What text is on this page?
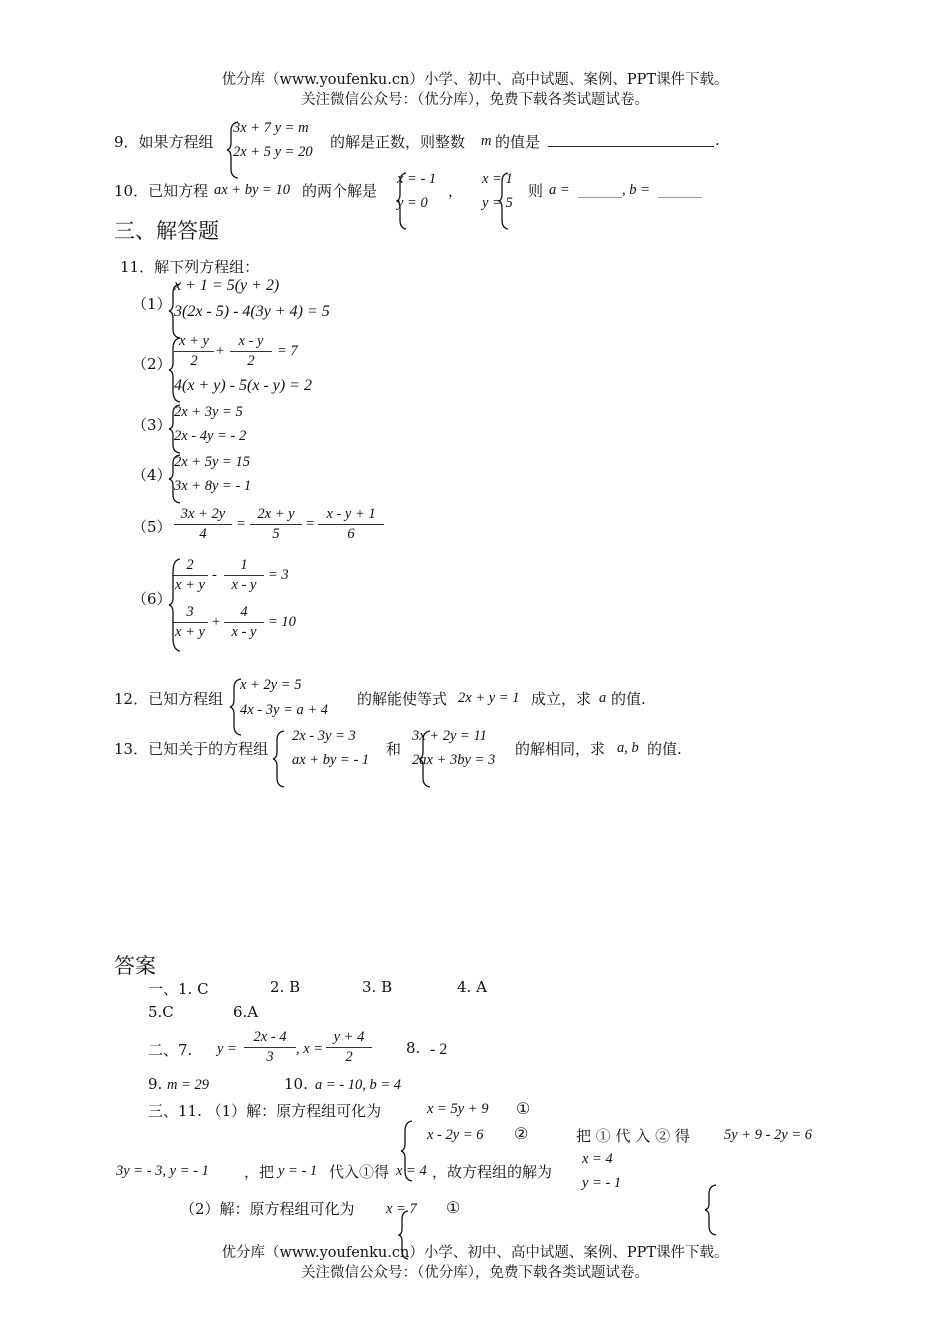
优分库（www.youfenku.cn）小学、初中、高中试题、案例、PPT课件下载。
关注微信公众号：（优分库），免费下载各类试题试卷。
9．如果方程组
3x + 7 y = m
2x + 5 y = 20
的解是正数，则整数 m 的值是	.
10．已知方程 ax + by = 10 的两个解是
x = - 1
y = 0
，
x = 1
y = 5
则 a =	, b =
三、解答题
11．解下列方程组：
（1）
x + 1 = 5(y + 2)
3(2x - 5) - 4(3y + 4) = 5
$(2) \frac{x + y}{2} + \frac{x - y}{2} = 7$
4(x + y) - 5(x - y) = 2
（3）
2x + 3y = 5
2x - 4y = - 2
（4）
2x + 5y = 15
3x + 8y = - 1
$(5) \frac{3x + 2y}{4} = \frac{2x + y}{5} = \frac{x - y + 1}{6}$
（6）
$\frac{2}{x + y} - \frac{1}{x - y} = 3$
$\frac{3}{x + y} + \frac{4}{x - y} = 10$
12．已知方程组
x + 2y = 5
4x - 3y = a + 4
的解能使等式 2x + y = 1 成立，求 a 的值.
13．已知关于的方程组
2x - 3y = 3
ax + by = - 1
和
3x + 2y = 11
2ax + 3by = 3
的解相同，求 a, b 的值.
答案
一、1. C	2. B	3. B	4. A
5.C	6.A
二、7. $y = \frac{2x - 4}{3}$ , $x = \frac{y + 4}{2} 8$. - 2
9. m = 29	10. a = - 10, b = 4
三、11. （1）解：原方程组可化为	x = 5y + 9 ①
x - 2y = 6 ②	把 ① 代 入 ② 得 5y + 9 - 2y = 6
3y = - 3, y = - 1 ，把 y = - 1 代入①得 x = 4 ，故方程组的解为
x = 4
y = - 1
（2）解：原方程组可化为 x = 7 ①
优分库（www.youfenku.cn）小学、初中、高中试题、案例、PPT课件下载。
关注微信公众号：（优分库），免费下载各类试题试卷。
